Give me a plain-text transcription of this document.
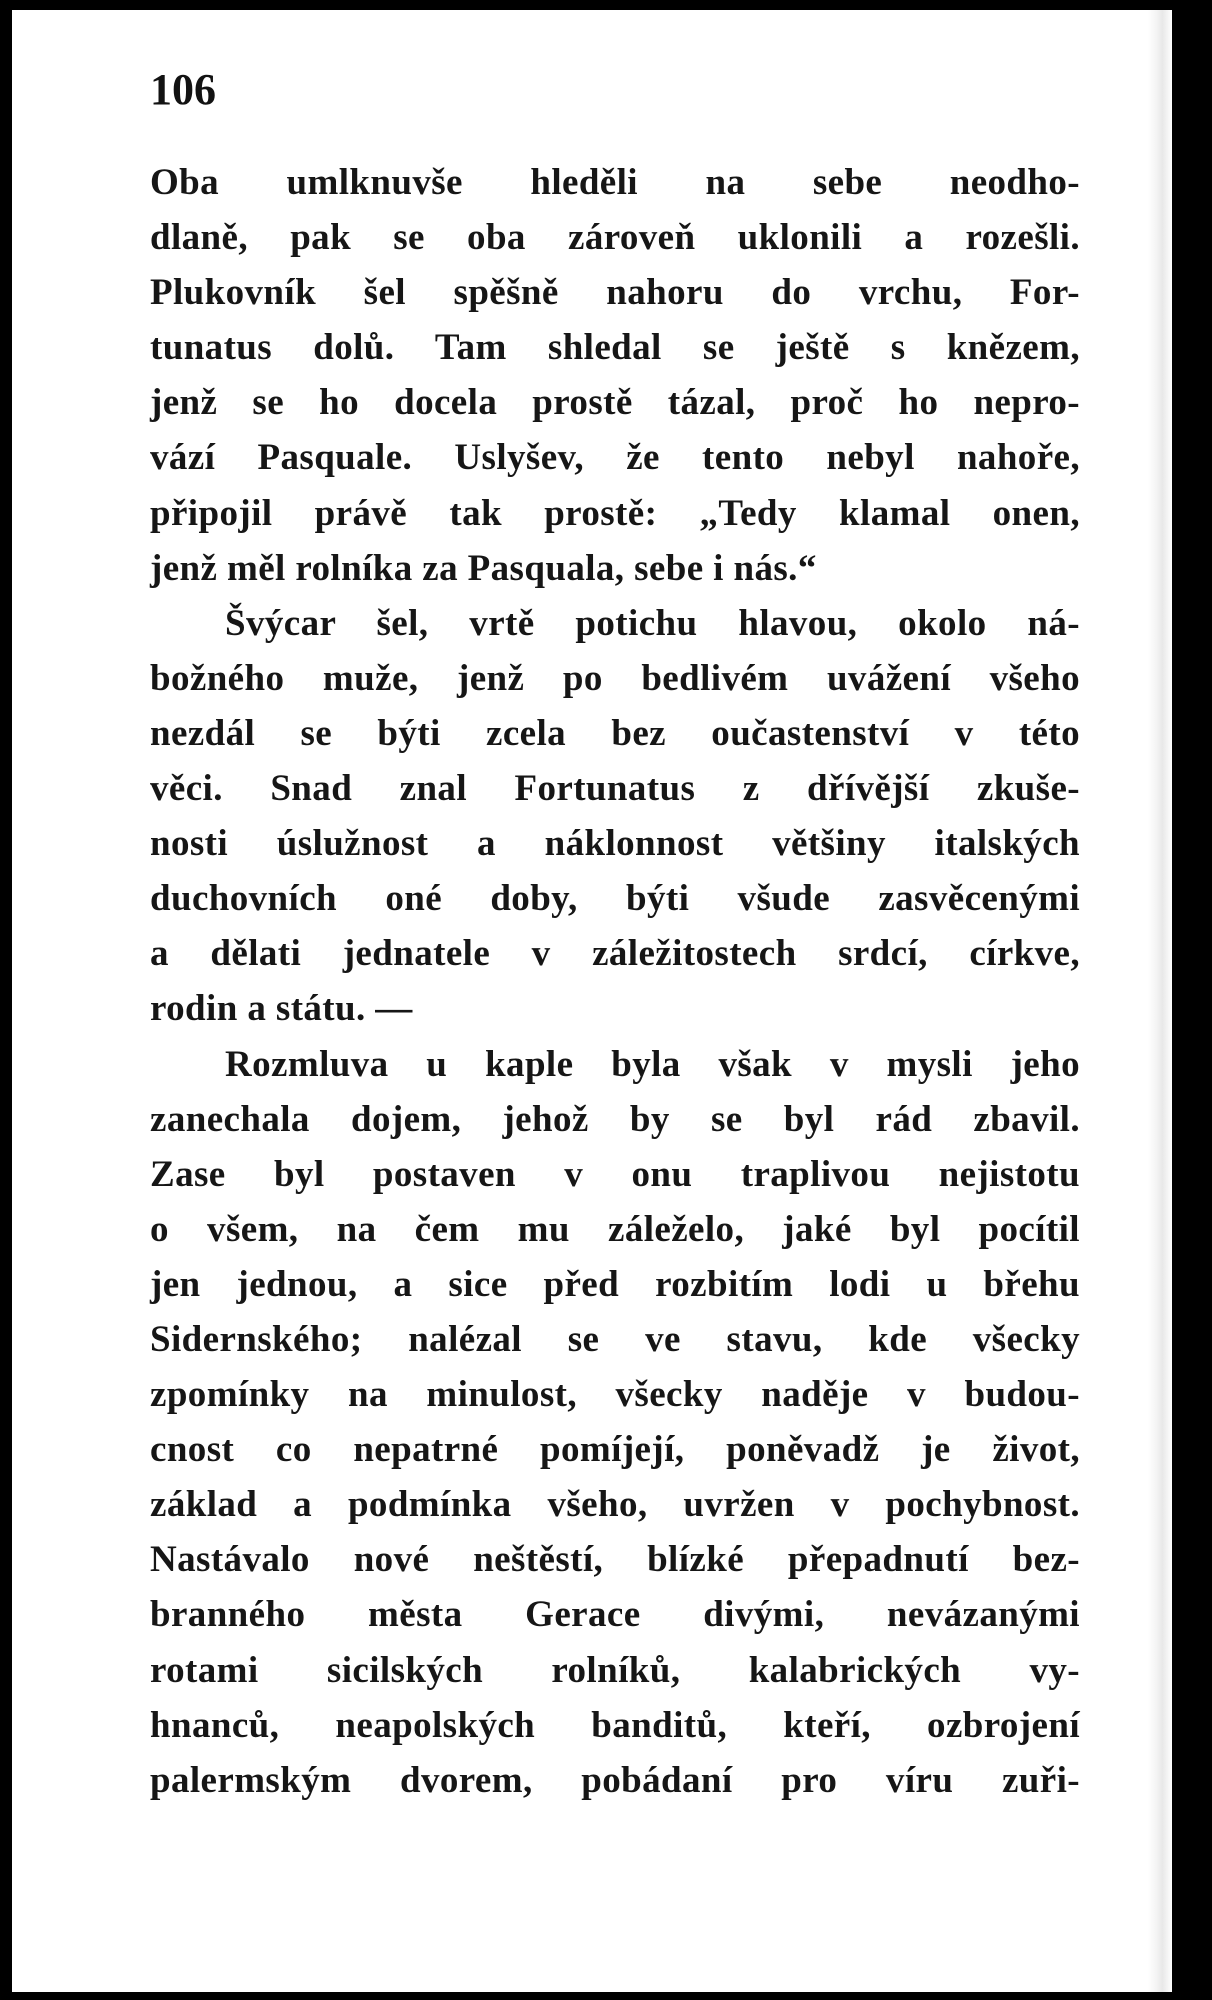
106
Oba umlknuvše hleděli na sebe neodho-
dlaně, pak se oba zároveň uklonili a rozešli.
Plukovník šel spěšně nahoru do vrchu, For-
tunatus dolů. Tam shledal se ještě s knězem,
jenž se ho docela prostě tázal, proč ho nepro-
vází Pasquale. Uslyšev, že tento nebyl nahoře,
připojil právě tak prostě: „Tedy klamal onen,
jenž měl rolníka za Pasquala, sebe i nás.“
Švýcar šel, vrtě potichu hlavou, okolo ná-
božného muže, jenž po bedlivém uvážení všeho
nezdál se býti zcela bez oučastenství v této
věci. Snad znal Fortunatus z dřívější zkuše-
nosti úslužnost a náklonnost většiny italských
duchovních oné doby, býti všude zasvěcenými
a dělati jednatele v záležitostech srdcí, církve,
rodin a státu. —
Rozmluva u kaple byla však v mysli jeho
zanechala dojem, jehož by se byl rád zbavil.
Zase byl postaven v onu traplivou nejistotu
o všem, na čem mu záleželo, jaké byl pocítil
jen jednou, a sice před rozbitím lodi u břehu
Sidernského; nalézal se ve stavu, kde všecky
zpomínky na minulost, všecky naděje v budou-
cnost co nepatrné pomíjejí, poněvadž je život,
základ a podmínka všeho, uvržen v pochybnost.
Nastávalo nové neštěstí, blízké přepadnutí bez-
branného města Gerace divými, nevázanými
rotami sicilských rolníků, kalabrických vy-
hnanců, neapolských banditů, kteří, ozbrojení
palermským dvorem, pobádaní pro víru zuři-
